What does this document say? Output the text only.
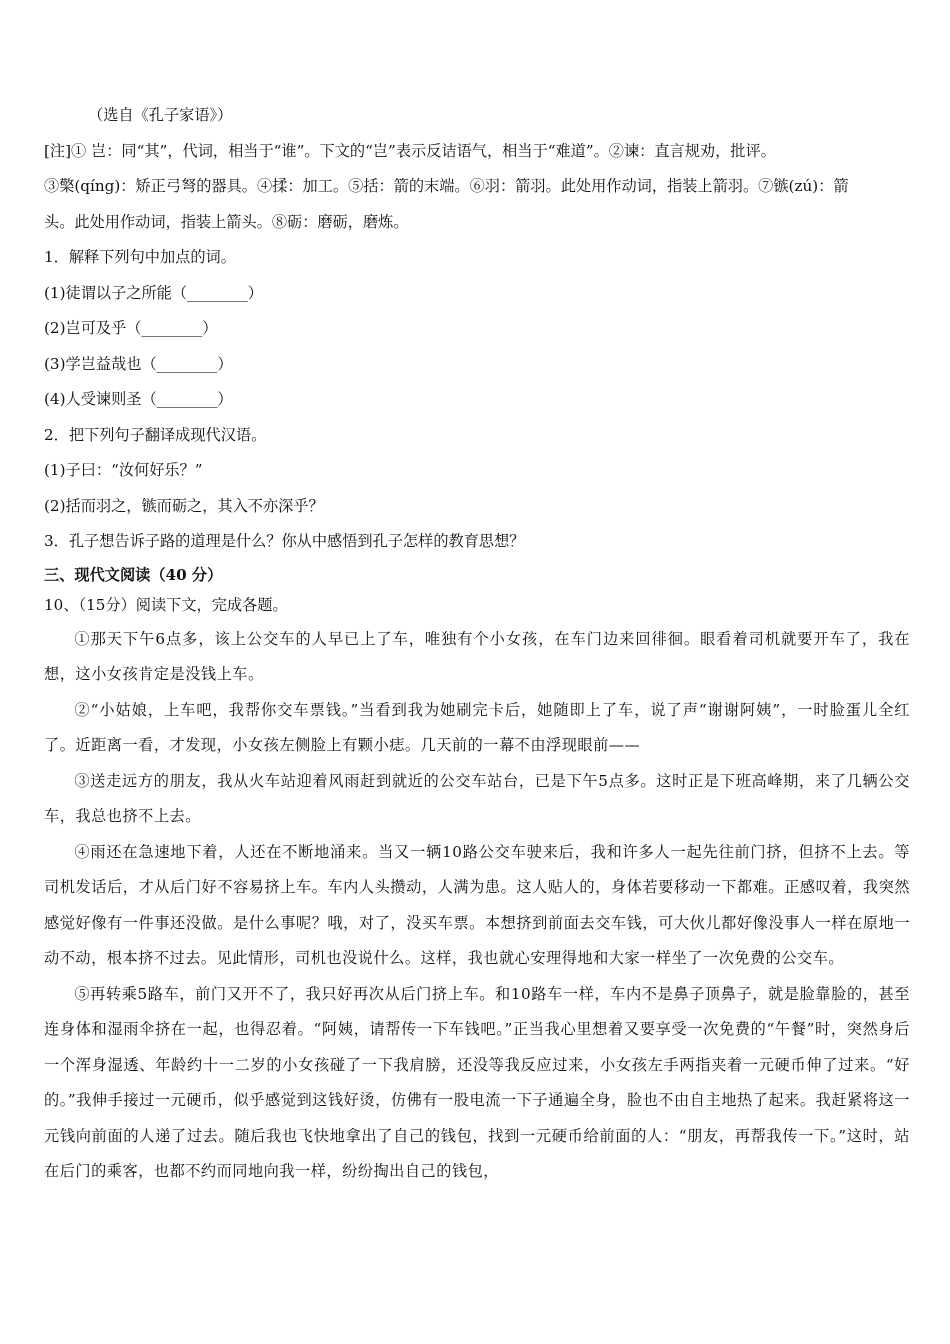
（选自《孔子家语》）
[注]① 岂：同“其”，代词，相当于“谁”。下文的“岂”表示反诘语气，相当于“难道”。②谏：直言规劝，批评。
③檠(qíng)：矫正弓弩的器具。④揉：加工。⑤括：箭的末端。⑥羽：箭羽。此处用作动词，指装上箭羽。⑦镞(zú)：箭
头。此处用作动词，指装上箭头。⑧砺：磨砺，磨炼。
1．解释下列句中加点的词。
(1)徒谓以子之所能（________）
(2)岂可及乎（________）
(3)学岂益哉也（________）
(4)人受谏则圣（________）
2．把下列句子翻译成现代汉语。
(1)子曰：“汝何好乐？”
(2)括而羽之，镞而砺之，其入不亦深乎？
3．孔子想告诉子路的道理是什么？你从中感悟到孔子怎样的教育思想？
三、现代文阅读（40 分）
10、（15分）阅读下文，完成各题。
①那天下午6点多，该上公交车的人早已上了车，唯独有个小女孩，在车门边来回徘徊。眼看着司机就要开车了，我在想，这小女孩肯定是没钱上车。
②“小姑娘，上车吧，我帮你交车票钱。”当看到我为她刷完卡后，她随即上了车，说了声“谢谢阿姨”，一时脸蛋儿全红了。近距离一看，才发现，小女孩左侧脸上有颗小痣。几天前的一幕不由浮现眼前——
③送走远方的朋友，我从火车站迎着风雨赶到就近的公交车站台，已是下午5点多。这时正是下班高峰期，来了几辆公交车，我总也挤不上去。
④雨还在急速地下着，人还在不断地涌来。当又一辆10路公交车驶来后，我和许多人一起先往前门挤，但挤不上去。等司机发话后，才从后门好不容易挤上车。车内人头攒动，人满为患。这人贴人的，身体若要移动一下都难。正感叹着，我突然感觉好像有一件事还没做。是什么事呢？哦，对了，没买车票。本想挤到前面去交车钱，可大伙儿都好像没事人一样在原地一动不动，根本挤不过去。见此情形，司机也没说什么。这样，我也就心安理得地和大家一样坐了一次免费的公交车。
⑤再转乘5路车，前门又开不了，我只好再次从后门挤上车。和10路车一样，车内不是鼻子顶鼻子，就是脸靠脸的，甚至连身体和湿雨伞挤在一起，也得忍着。“阿姨，请帮传一下车钱吧。”正当我心里想着又要享受一次免费的“午餐”时，突然身后一个浑身湿透、年龄约十一二岁的小女孩碰了一下我肩膀，还没等我反应过来，小女孩左手两指夹着一元硬币伸了过来。“好的。”我伸手接过一元硬币，似乎感觉到这钱好烫，仿佛有一股电流一下子通遍全身，脸也不由自主地热了起来。我赶紧将这一元钱向前面的人递了过去。随后我也飞快地拿出了自己的钱包，找到一元硬币给前面的人：“朋友，再帮我传一下。”这时，站在后门的乘客，也都不约而同地向我一样，纷纷掏出自己的钱包，
